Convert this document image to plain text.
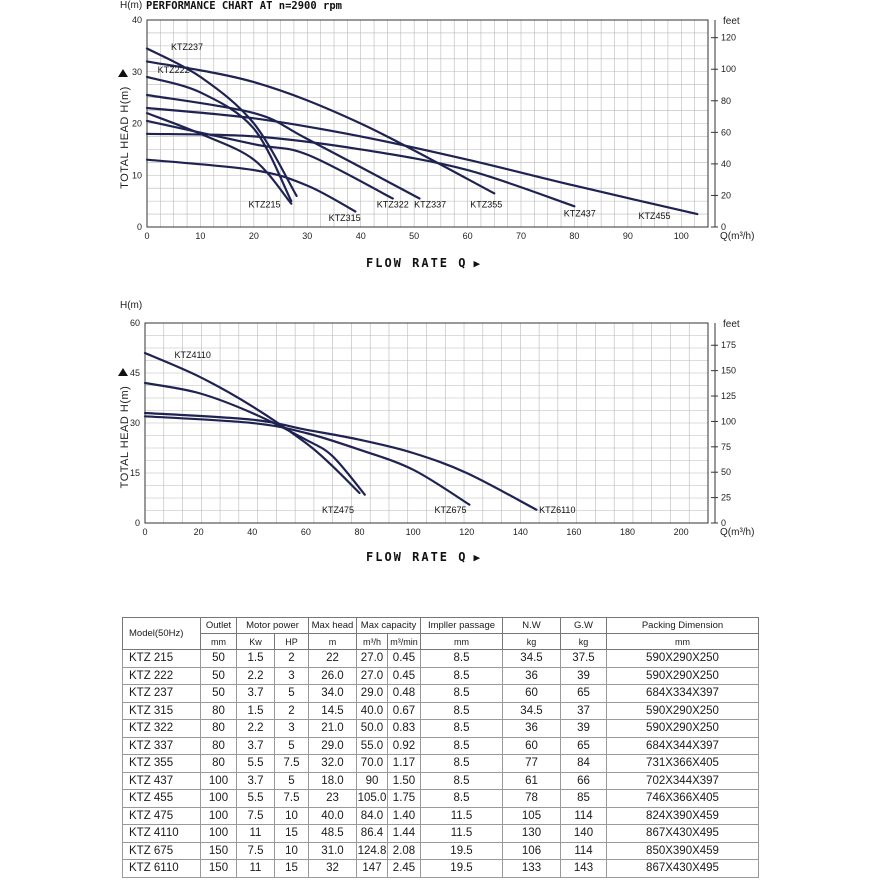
0	10	20	30	40	50	60	70	80	90	100
0
10
20
30
40
0
20
40
60
80
100
120
feet
H(m)
Q(m³/h)
TOTAL HEAD H(m)
PERFORMANCE CHART AT n=2900 rpm
KTZ237
KTZ222
KTZ215
KTZ315
KTZ322 KTZ337	KTZ355
KTZ437	KTZ455
FLOW RATE Q ▶
0	20	40	60	80	100	120	140	160	180	200
0
15
30
45
60
0
25
50
75
100
125
150
175
feet
H(m)
Q(m³/h)
TOTAL HEAD H(m)
KTZ4110
KTZ475	KTZ675	KTZ6110
FLOW RATE Q ▶
Model(50Hz)	Outlet	Motor power		Max head	Max capacity		Impller passage	N.W	G.W	Packing Dimension
	mm	Kw	HP	m	m³/h	m³/min	mm	kg	kg	mm
KTZ 215	50	1.5	2	22	27.0	0.45	8.5	34.5	37.5	590X290X250
KTZ 222	50	2.2	3	26.0	27.0	0.45	8.5	36	39	590X290X250
KTZ 237	50	3.7	5	34.0	29.0	0.48	8.5	60	65	684X334X397
KTZ 315	80	1.5	2	14.5	40.0	0.67	8.5	34.5	37	590X290X250
KTZ 322	80	2.2	3	21.0	50.0	0.83	8.5	36	39	590X290X250
KTZ 337	80	3.7	5	29.0	55.0	0.92	8.5	60	65	684X344X397
KTZ 355	80	5.5	7.5	32.0	70.0	1.17	8.5	77	84	731X366X405
KTZ 437	100	3.7	5	18.0	90	1.50	8.5	61	66	702X344X397
KTZ 455	100	5.5	7.5	23	105.0	1.75	8.5	78	85	746X366X405
KTZ 475	100	7.5	10	40.0	84.0	1.40	11.5	105	114	824X390X459
KTZ 4110	100	11	15	48.5	86.4	1.44	11.5	130	140	867X430X495
KTZ 675	150	7.5	10	31.0	124.8	2.08	19.5	106	114	850X390X459
KTZ 6110	150	11	15	32	147	2.45	19.5	133	143	867X430X495
